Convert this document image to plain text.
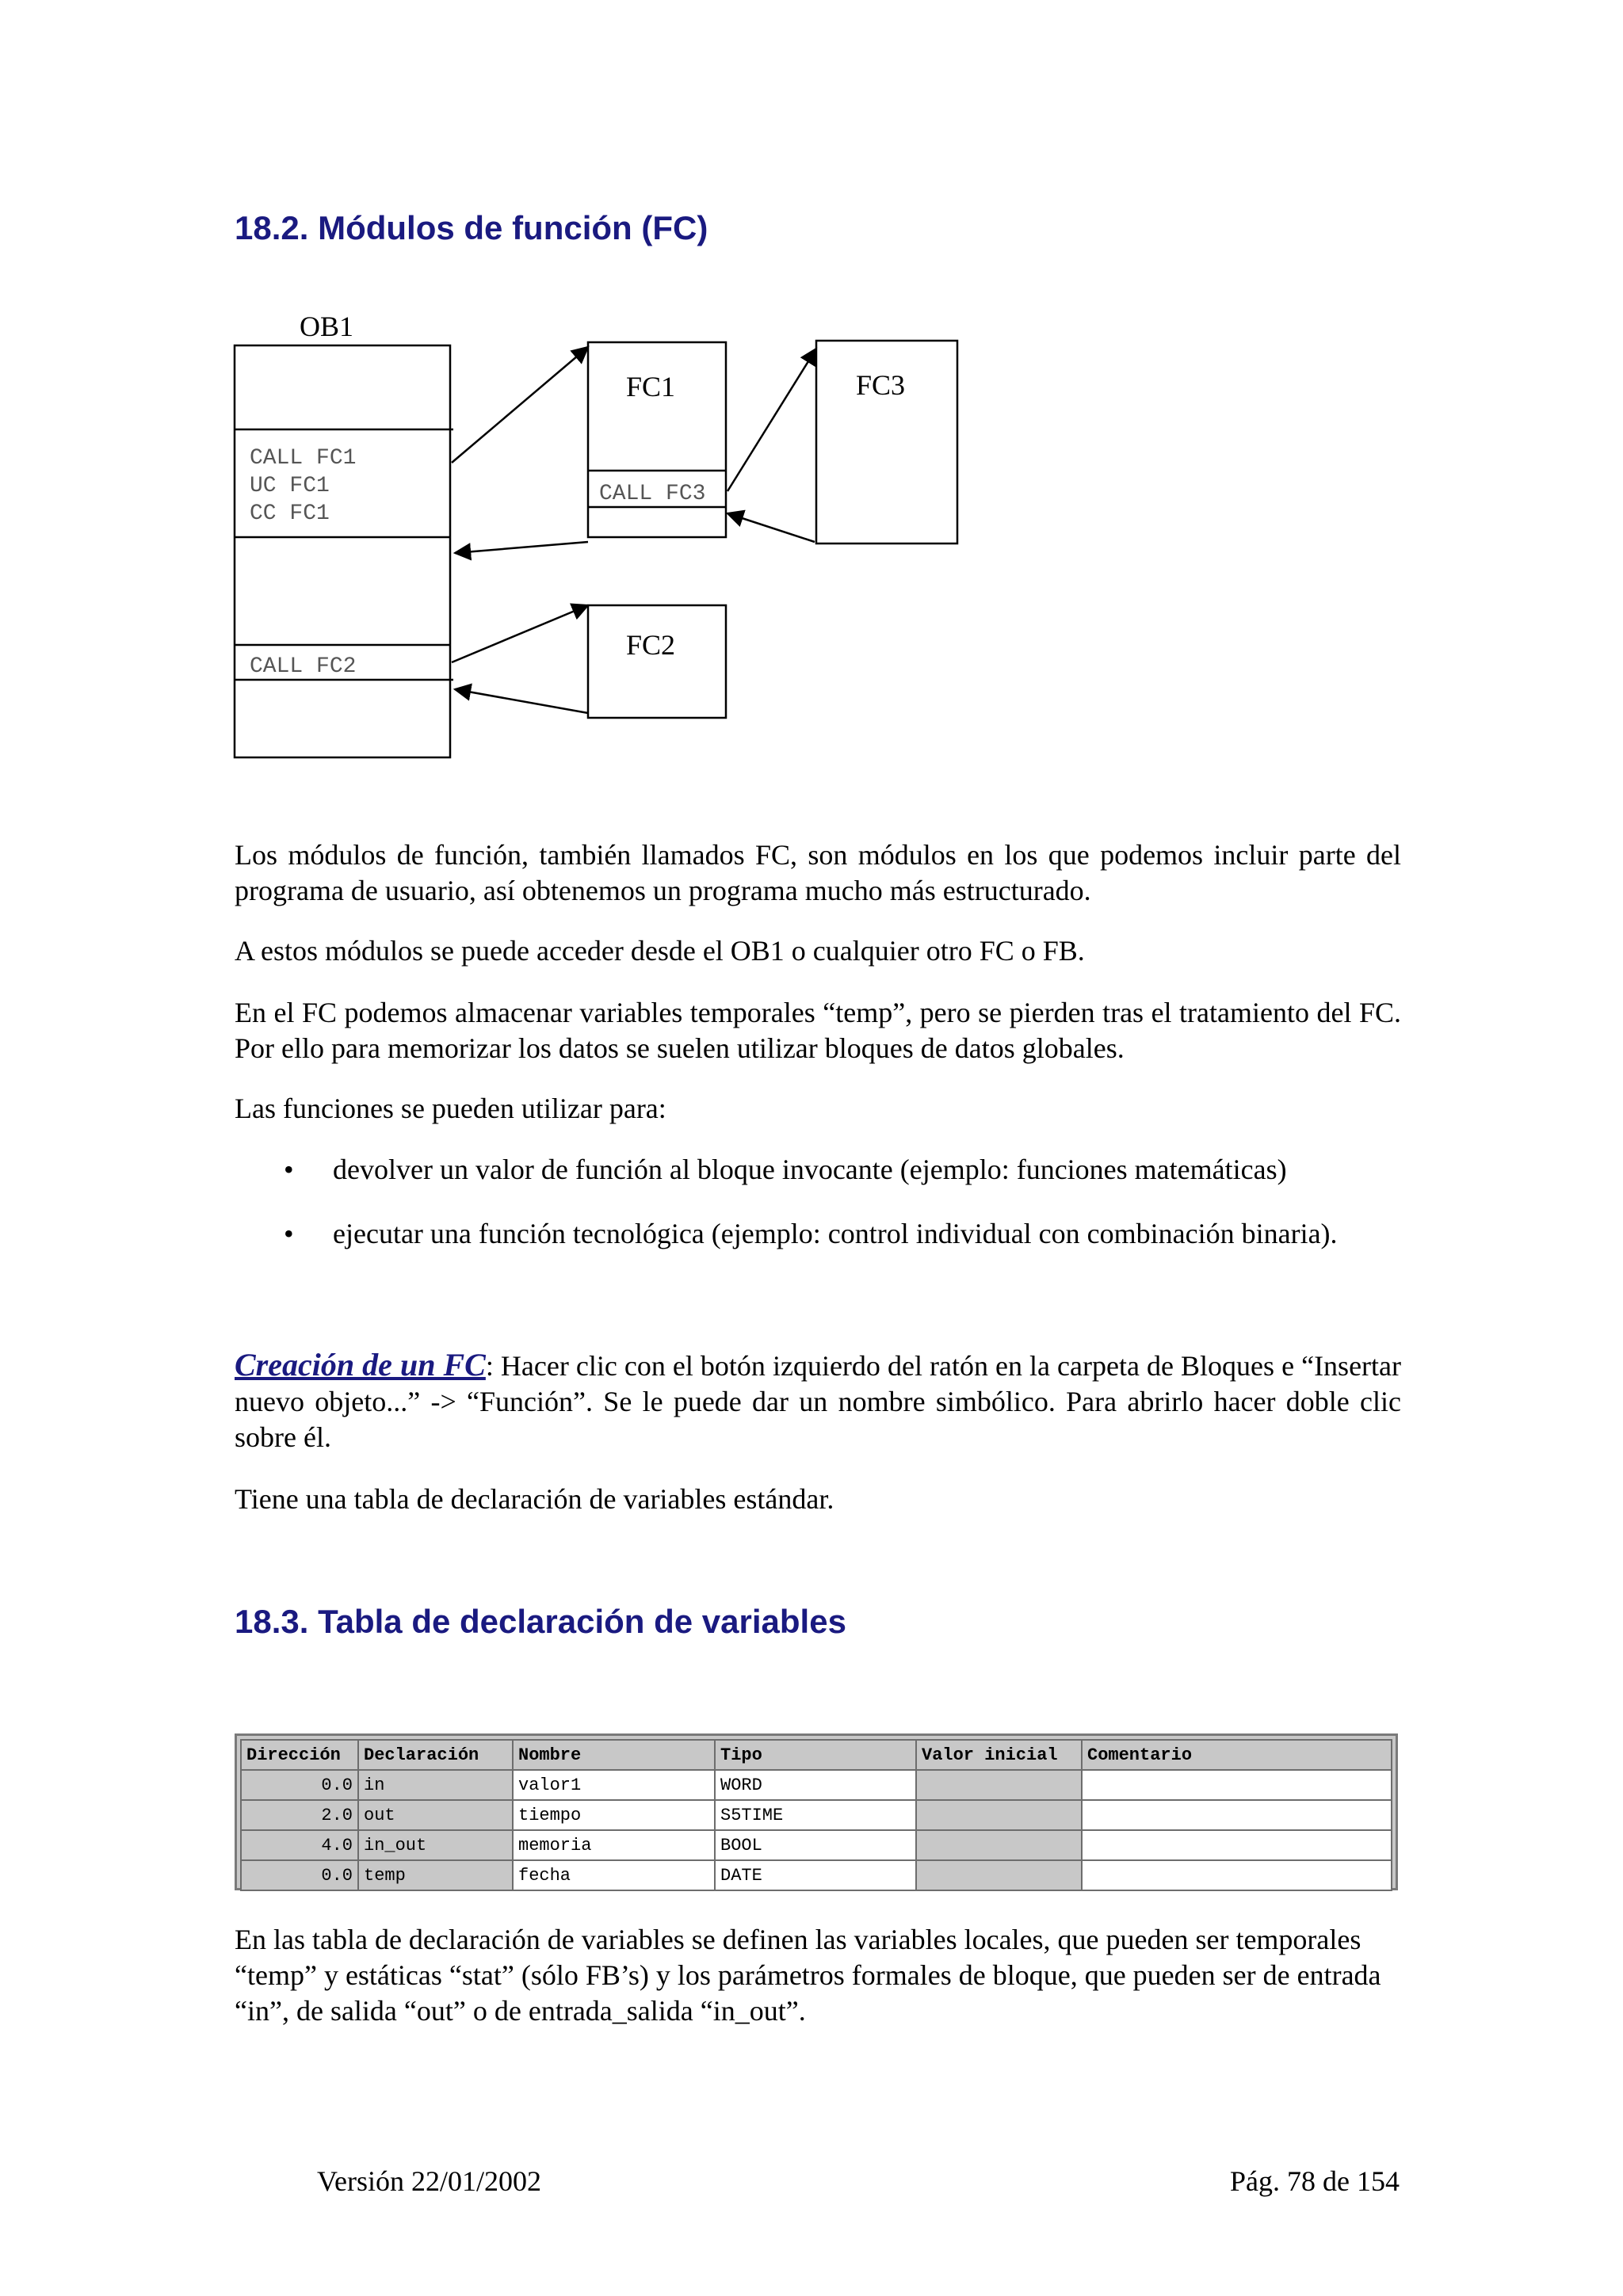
18.2. Módulos de función (FC)
OB1
CALL FC1
UC FC1
CC FC1
CALL FC2
FC1
CALL FC3
FC3
FC2

Los módulos de función, también llamados FC, son módulos en los que podemos incluir parte del programa de usuario, así obtenemos un programa mucho más estructurado.

A estos módulos se puede acceder desde el OB1 o cualquier otro FC o FB.

En el FC podemos almacenar variables temporales “temp”, pero se pierden tras el tratamiento del FC. Por ello para memorizar los datos se suelen utilizar bloques de datos globales.

Las funciones se pueden utilizar para:

• devolver un valor de función al bloque invocante (ejemplo: funciones matemáticas)
• ejecutar una función tecnológica (ejemplo: control individual con combinación binaria).

Creación de un FC: Hacer clic con el botón izquierdo del ratón en la carpeta de Bloques e “Insertar nuevo objeto...” -> “Función”. Se le puede dar un nombre simbólico. Para abrirlo hacer doble clic sobre él.

Tiene una tabla de declaración de variables estándar.

18.3. Tabla de declaración de variables
Dirección	Declaración	Nombre	Tipo	Valor inicial	Comentario
0.0	in	valor1	WORD		
2.0	out	tiempo	S5TIME		
4.0	in_out	memoria	BOOL		
0.0	temp	fecha	DATE		

En las tabla de declaración de variables se definen las variables locales, que pueden ser temporales “temp” y estáticas “stat” (sólo FB’s) y los parámetros formales de bloque, que pueden ser de entrada “in”, de salida “out” o de entrada_salida “in_out”.

Versión 22/01/2002	Pág. 78 de 154
